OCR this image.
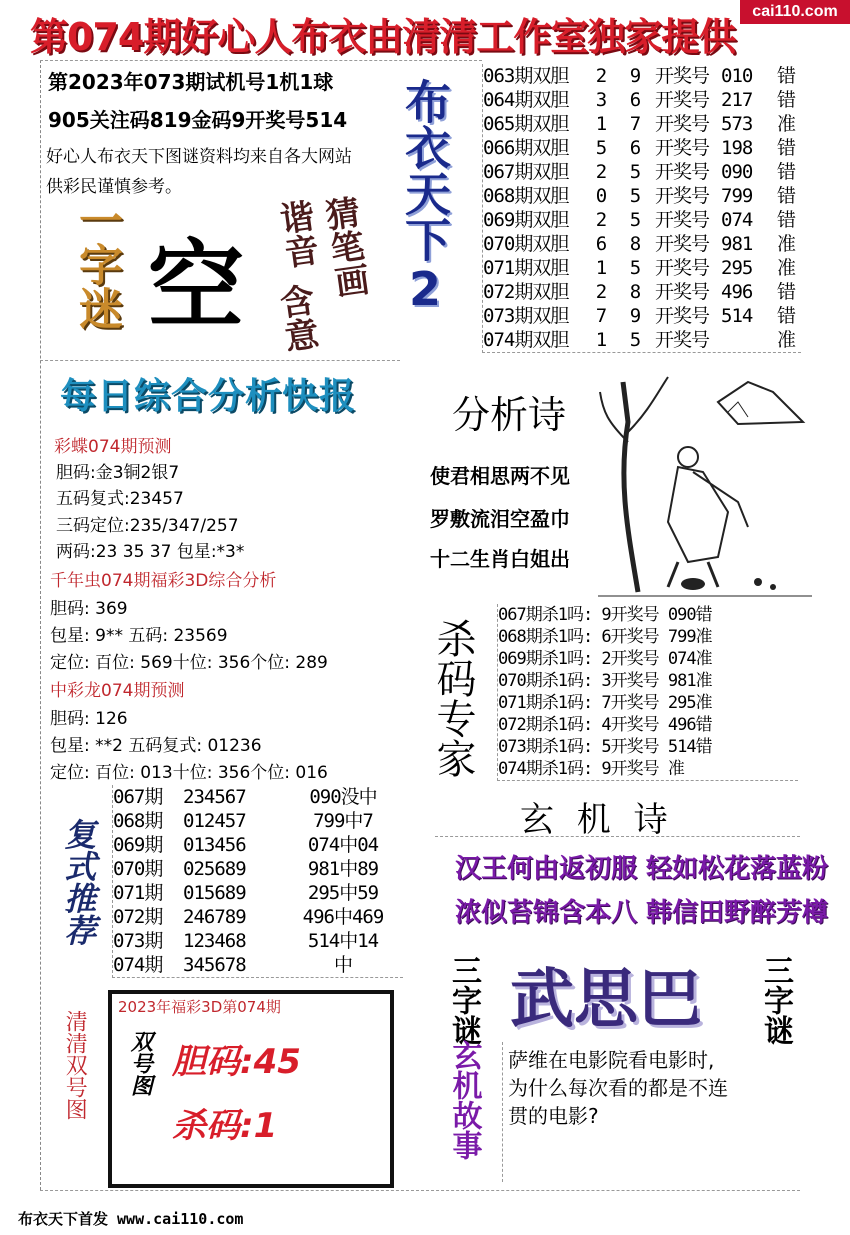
第074期好心人布衣由清清工作室独家提供
cai110.com
第2023年073期试机号1机1球
905关注码819金码9开奖号514
好心人布衣天下图谜资料均来自各大网站
供彩民谨慎参考。
一字迷 空 猜笔画
谐音
含意
布衣天下2
063期双胆 2 9 开奖号 010 错
064期双胆 3 6 开奖号 217 错
065期双胆 1 7 开奖号 573 准
066期双胆 5 6 开奖号 198 错
067期双胆 2 5 开奖号 090 错
068期双胆 0 5 开奖号 799 错
069期双胆 2 5 开奖号 074 错
070期双胆 6 8 开奖号 981 准
071期双胆 1 5 开奖号 295 准
072期双胆 2 8 开奖号 496 错
073期双胆 7 9 开奖号 514 错
074期双胆 1 5 开奖号	准
每日综合分析快报
彩蝶074期预测
胆码:金3铜2银7
五码复式:23457
三码定位:235/347/257
两码:23 35 37 包星:*3*
千年虫074期福彩3D综合分析
胆码: 369
包星: 9** 五码: 23569
定位: 百位: 569十位: 356个位: 289
中彩龙074期预测
胆码: 126
包星: **2 五码复式: 01236
定位: 百位: 013十位: 356个位: 016
分析诗
使君相思两不见
罗敷流泪空盈巾
十二生肖白姐出
杀码专家
067期杀1吗: 9开奖号 090错
068期杀1吗: 6开奖号 799准
069期杀1吗: 2开奖号 074准
070期杀1码: 3开奖号 981准
071期杀1码: 7开奖号 295准
072期杀1码: 4开奖号 496错
073期杀1码: 5开奖号 514错
074期杀1码: 9开奖号 准
复式推荐
067期 234567	090没中
068期 012457	799中7
069期 013456	074中04
070期 025689	981中89
071期 015689	295中59
072期 246789	496中469
073期 123468	514中14
074期 345678	中
玄 机 诗
汉王何由返初服 轻如松花落蓝粉
浓似苔锦含本八 韩信田野醉芳樽
三字谜 武思巴 三字谜
玄机故事 萨维在电影院看电影时,
为什么每次看的都是不连
贯的电影?
清清双号图
2023年福彩3D第074期
双号图 胆码:45
杀码:1
布衣天下首发 www.cai110.com
